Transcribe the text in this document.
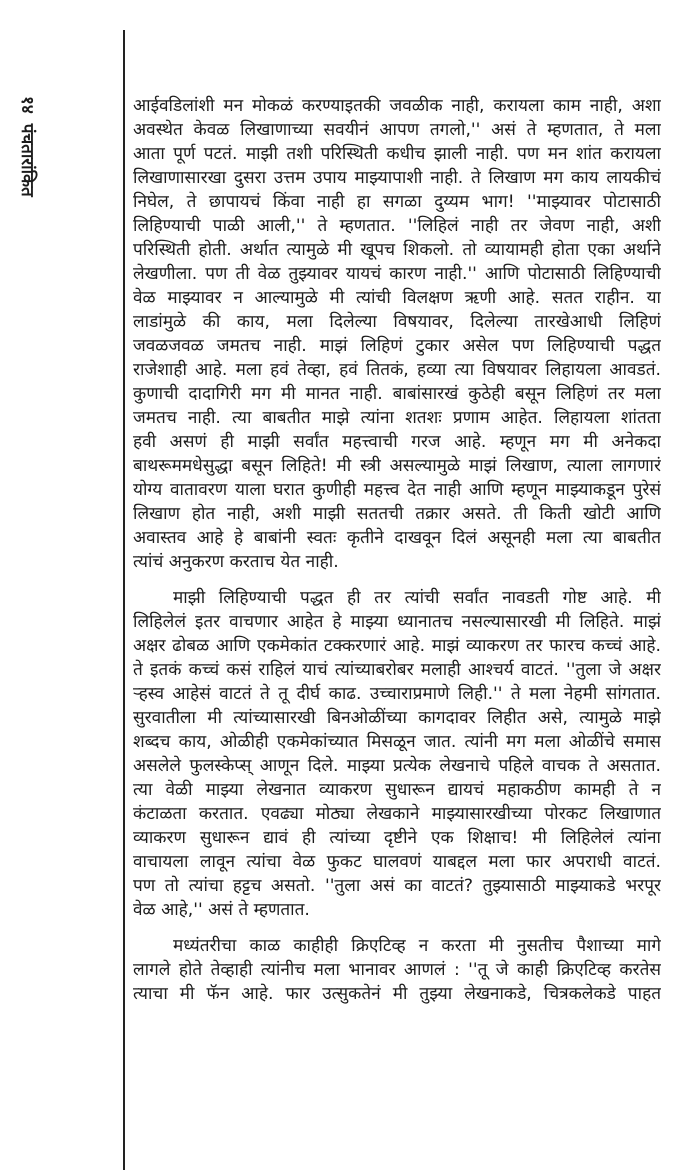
१४
पंचतारांकित
आईवडिलांशी मन मोकळं करण्याइतकी जवळीक नाही, करायला काम नाही, अशा
अवस्थेत केवळ लिखाणाच्या सवयीनं आपण तगलो,'' असं ते म्हणतात, ते मला
आता पूर्ण पटतं. माझी तशी परिस्थिती कधीच झाली नाही. पण मन शांत करायला
लिखाणासारखा दुसरा उत्तम उपाय माझ्यापाशी नाही. ते लिखाण मग काय लायकीचं
निघेल, ते छापायचं किंवा नाही हा सगळा दुय्यम भाग! ''माझ्यावर पोटासाठी
लिहिण्याची पाळी आली,'' ते म्हणतात. ''लिहिलं नाही तर जेवण नाही, अशी
परिस्थिती होती. अर्थात त्यामुळे मी खूपच शिकलो. तो व्यायामही होता एका अर्थाने
लेखणीला. पण ती वेळ तुझ्यावर यायचं कारण नाही.'' आणि पोटासाठी लिहिण्याची
वेळ माझ्यावर न आल्यामुळे मी त्यांची विलक्षण ऋणी आहे. सतत राहीन. या
लाडांमुळे की काय, मला दिलेल्या विषयावर, दिलेल्या तारखेआधी लिहिणं
जवळजवळ जमतच नाही. माझं लिहिणं टुकार असेल पण लिहिण्याची पद्धत
राजेशाही आहे. मला हवं तेव्हा, हवं तितकं, हव्या त्या विषयावर लिहायला आवडतं.
कुणाची दादागिरी मग मी मानत नाही. बाबांसारखं कुठेही बसून लिहिणं तर मला
जमतच नाही. त्या बाबतीत माझे त्यांना शतशः प्रणाम आहेत. लिहायला शांतता
हवी असणं ही माझी सर्वांत महत्त्वाची गरज आहे. म्हणून मग मी अनेकदा
बाथरूममधेसुद्धा बसून लिहिते! मी स्त्री असल्यामुळे माझं लिखाण, त्याला लागणारं
योग्य वातावरण याला घरात कुणीही महत्त्व देत नाही आणि म्हणून माझ्याकडून पुरेसं
लिखाण होत नाही, अशी माझी सततची तक्रार असते. ती किती खोटी आणि
अवास्तव आहे हे बाबांनी स्वतः कृतीने दाखवून दिलं असूनही मला त्या बाबतीत
त्यांचं अनुकरण करताच येत नाही.
माझी लिहिण्याची पद्धत ही तर त्यांची सर्वांत नावडती गोष्ट आहे. मी
लिहिलेलं इतर वाचणार आहेत हे माझ्या ध्यानातच नसल्यासारखी मी लिहिते. माझं
अक्षर ढोबळ आणि एकमेकांत टक्करणारं आहे. माझं व्याकरण तर फारच कच्चं आहे.
ते इतकं कच्चं कसं राहिलं याचं त्यांच्याबरोबर मलाही आश्चर्य वाटतं. ''तुला जे अक्षर
ऱ्हस्व आहेसं वाटतं ते तू दीर्घ काढ. उच्चाराप्रमाणे लिही.'' ते मला नेहमी सांगतात.
सुरवातीला मी त्यांच्यासारखी बिनओळींच्या कागदावर लिहीत असे, त्यामुळे माझे
शब्दच काय, ओळीही एकमेकांच्यात मिसळून जात. त्यांनी मग मला ओळींचे समास
असलेले फुलस्केप्स् आणून दिले. माझ्या प्रत्येक लेखनाचे पहिले वाचक ते असतात.
त्या वेळी माझ्या लेखनात व्याकरण सुधारून द्यायचं महाकठीण कामही ते न
कंटाळता करतात. एवढ्या मोठ्या लेखकाने माझ्यासारखीच्या पोरकट लिखाणात
व्याकरण सुधारून द्यावं ही त्यांच्या दृष्टीने एक शिक्षाच! मी लिहिलेलं त्यांना
वाचायला लावून त्यांचा वेळ फुकट घालवणं याबद्दल मला फार अपराधी वाटतं.
पण तो त्यांचा हट्टच असतो. ''तुला असं का वाटतं? तुझ्यासाठी माझ्याकडे भरपूर
वेळ आहे,'' असं ते म्हणतात.
मध्यंतरीचा काळ काहीही क्रिएटिव्ह न करता मी नुसतीच पैशाच्या मागे
लागले होते तेव्हाही त्यांनीच मला भानावर आणलं : ''तू जे काही क्रिएटिव्ह करतेस
त्याचा मी फॅन आहे. फार उत्सुकतेनं मी तुझ्या लेखनाकडे, चित्रकलेकडे पाहत
